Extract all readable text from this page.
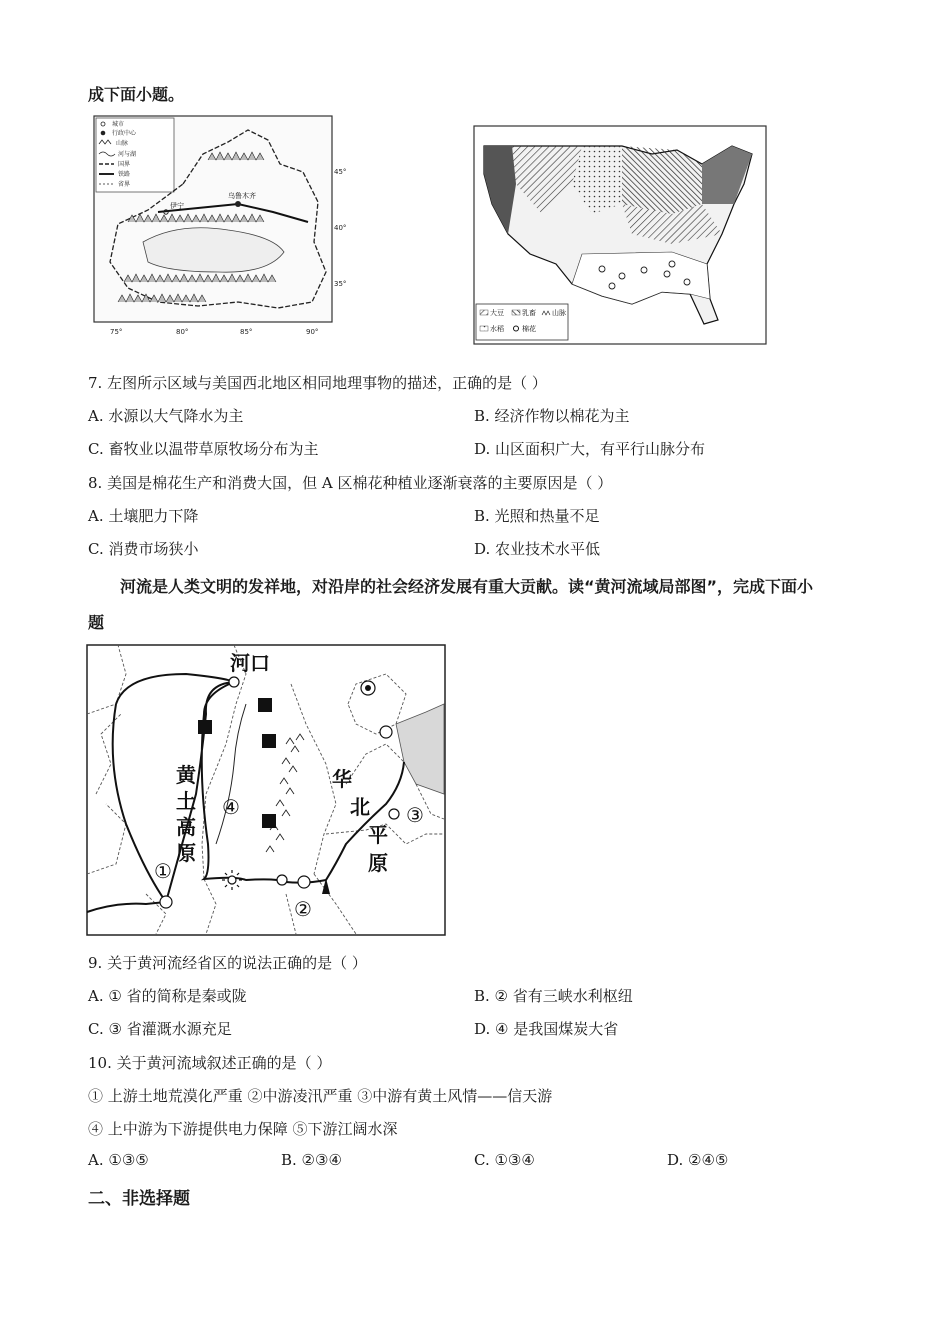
成下面小题。
城市
行政中心
山脉
河与湖
国界
铁路
省界
乌鲁木齐
伊宁
45°
40°
35°
75°	80°	85°	90°
大豆	乳畜 山脉
水稻	棉花
7. 左图所示区域与美国西北地区相同地理事物的描述，正确的是（ ）
A. 水源以大气降水为主	B. 经济作物以棉花为主
C. 畜牧业以温带草原牧场分布为主	D. 山区面积广大，有平行山脉分布
8. 美国是棉花生产和消费大国，但 A 区棉花种植业逐渐衰落的主要原因是（ ）
A. 土壤肥力下降	B. 光照和热量不足
C. 消费市场狭小	D. 农业技术水平低
河流是人类文明的发祥地，对沿岸的社会经济发展有重大贡献。读“黄河流域局部图”，完成下面小
题
河口
黄
土
高
原
华
北
平
原
①
②
③
④
9. 关于黄河流经省区的说法正确的是（ ）
A. ① 省的简称是秦或陇	B. ② 省有三峡水利枢纽
C. ③ 省灌溉水源充足	D. ④ 是我国煤炭大省
10. 关于黄河流域叙述正确的是（ ）
① 上游土地荒漠化严重 ②中游凌汛严重 ③中游有黄土风情——信天游
④ 上中游为下游提供电力保障 ⑤下游江阔水深
A. ①③⑤	B. ②③④	C. ①③④	D. ②④⑤
二、非选择题
